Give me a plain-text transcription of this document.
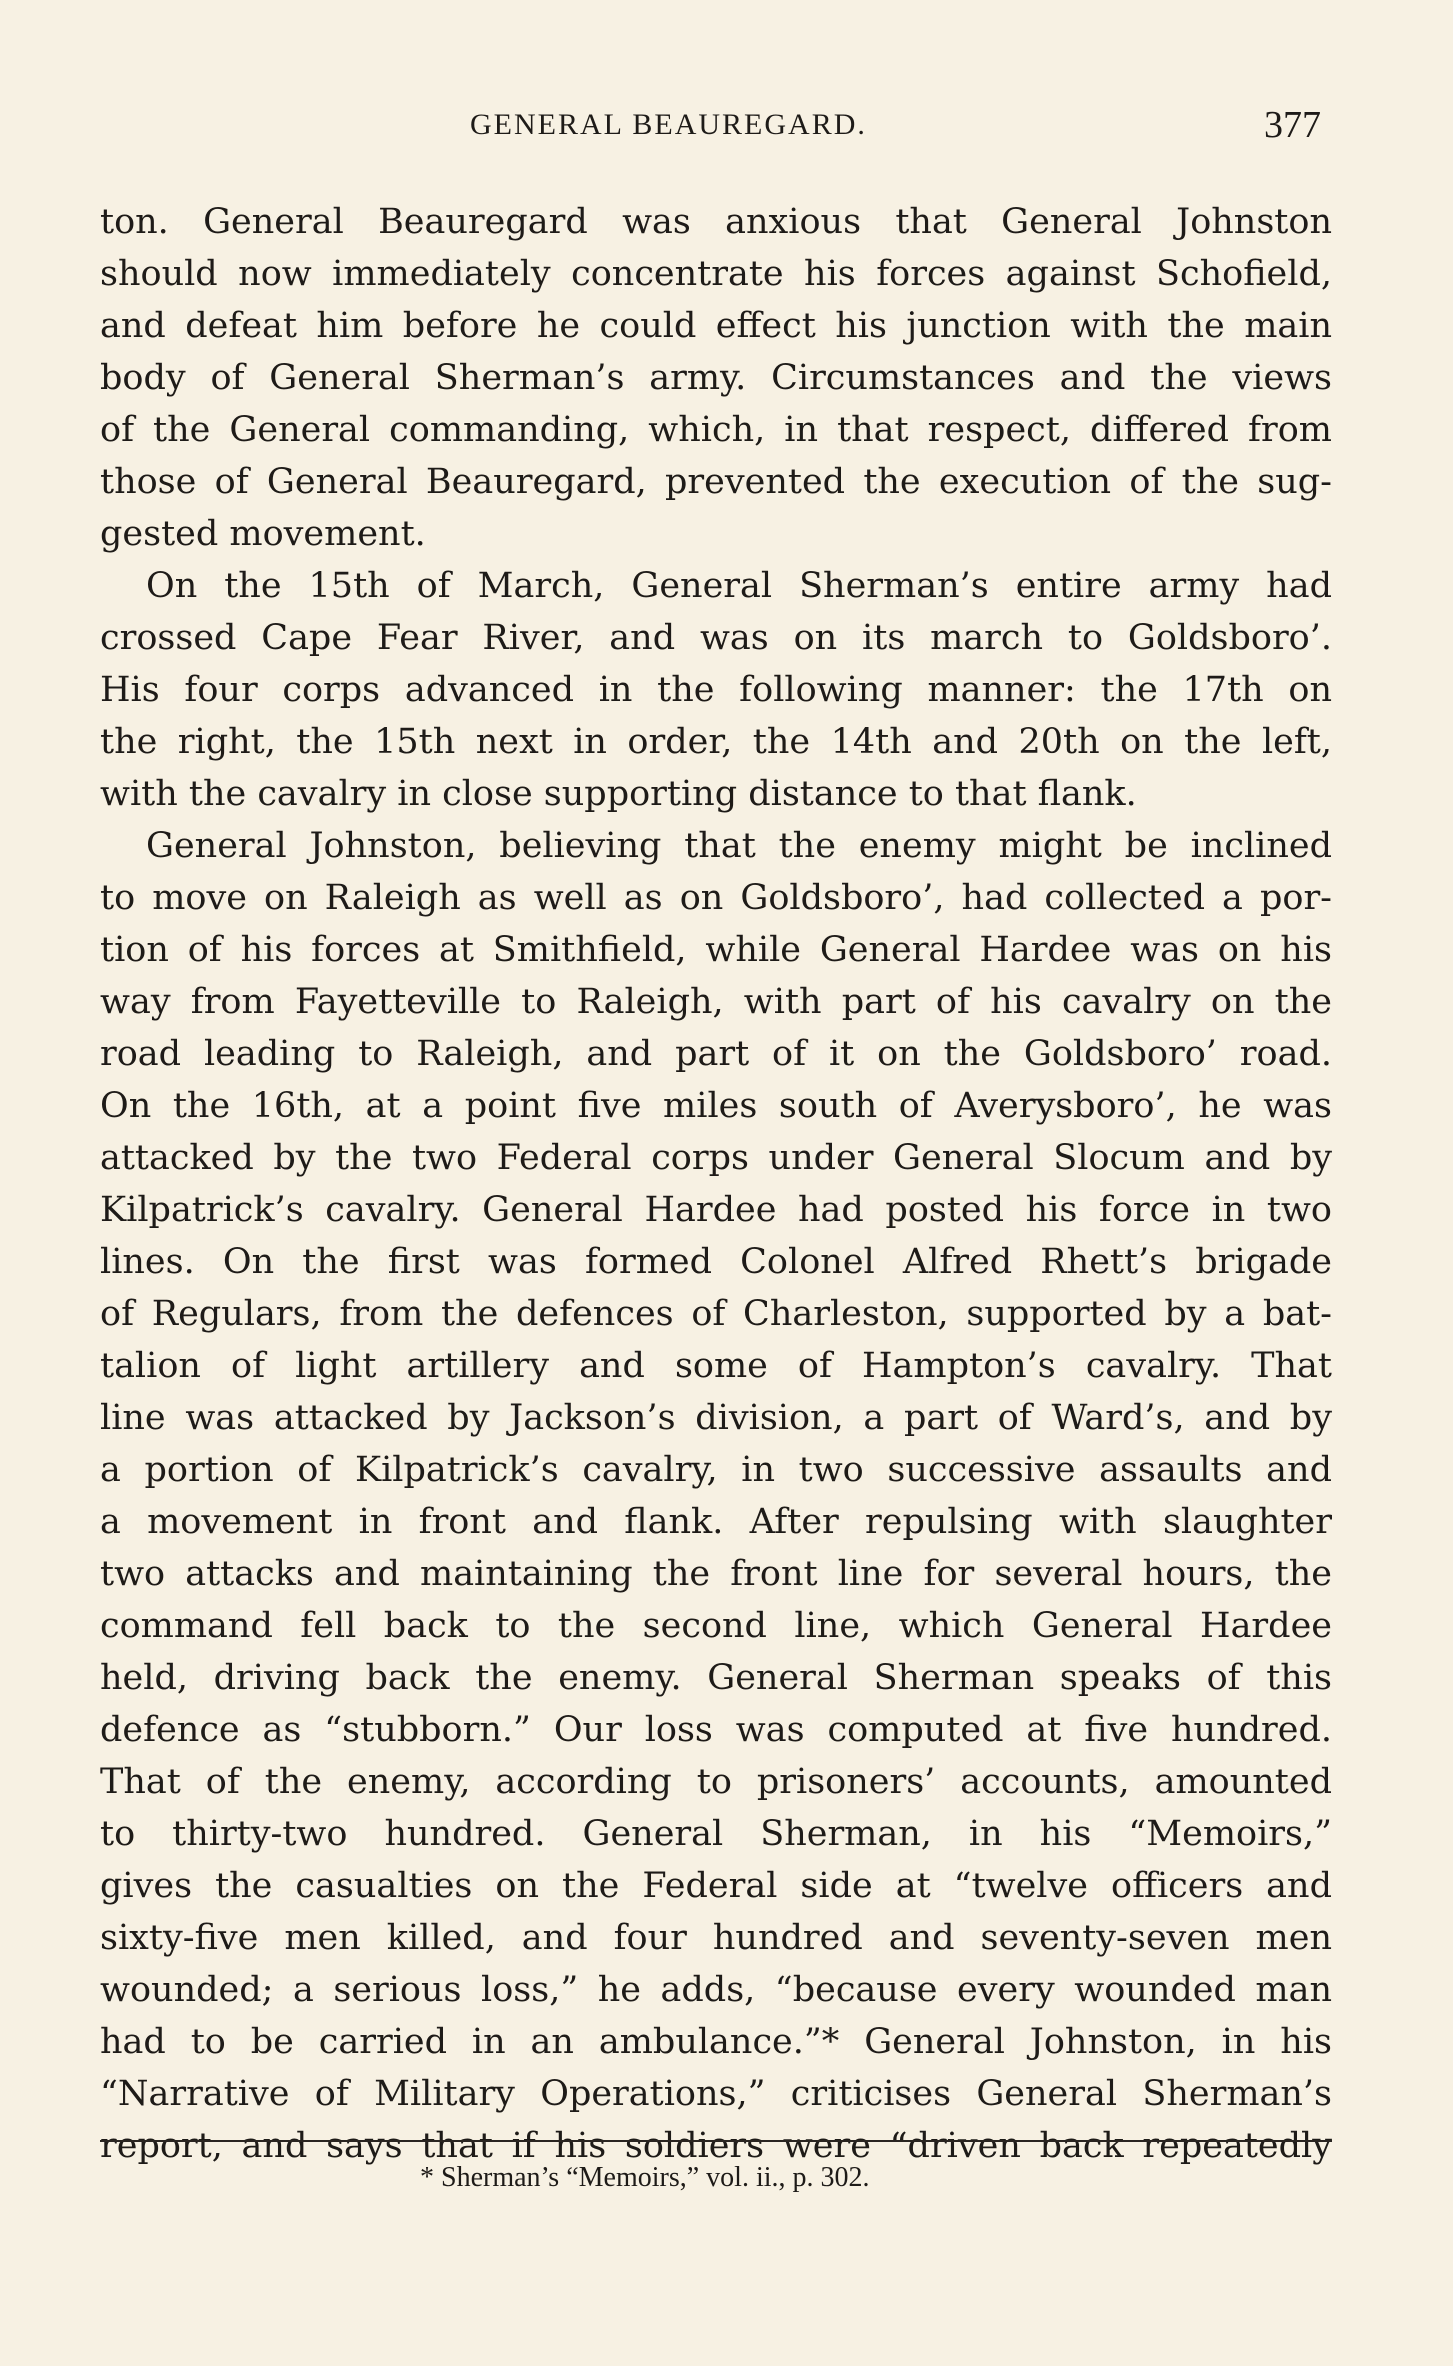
GENERAL BEAUREGARD.	377
ton. General Beauregard was anxious that General Johnston
should now immediately concentrate his forces against Schofield,
and defeat him before he could effect his junction with the main
body of General Sherman’s army. Circumstances and the views
of the General commanding, which, in that respect, differed from
those of General Beauregard, prevented the execution of the sug-
gested movement.
On the 15th of March, General Sherman’s entire army had
crossed Cape Fear River, and was on its march to Goldsboro’.
His four corps advanced in the following manner: the 17th on
the right, the 15th next in order, the 14th and 20th on the left,
with the cavalry in close supporting distance to that flank.
General Johnston, believing that the enemy might be inclined
to move on Raleigh as well as on Goldsboro’, had collected a por-
tion of his forces at Smithfield, while General Hardee was on his
way from Fayetteville to Raleigh, with part of his cavalry on the
road leading to Raleigh, and part of it on the Goldsboro’ road.
On the 16th, at a point five miles south of Averysboro’, he was
attacked by the two Federal corps under General Slocum and by
Kilpatrick’s cavalry. General Hardee had posted his force in two
lines. On the first was formed Colonel Alfred Rhett’s brigade
of Regulars, from the defences of Charleston, supported by a bat-
talion of light artillery and some of Hampton’s cavalry. That
line was attacked by Jackson’s division, a part of Ward’s, and by
a portion of Kilpatrick’s cavalry, in two successive assaults and
a movement in front and flank. After repulsing with slaughter
two attacks and maintaining the front line for several hours, the
command fell back to the second line, which General Hardee
held, driving back the enemy. General Sherman speaks of this
defence as “stubborn.” Our loss was computed at five hundred.
That of the enemy, according to prisoners’ accounts, amounted
to thirty-two hundred. General Sherman, in his “Memoirs,”
gives the casualties on the Federal side at “twelve officers and
sixty-five men killed, and four hundred and seventy-seven men
wounded; a serious loss,” he adds, “because every wounded man
had to be carried in an ambulance.”* General Johnston, in his
“Narrative of Military Operations,” criticises General Sherman’s
report, and says that if his soldiers were “driven back repeatedly
* Sherman’s “Memoirs,” vol. ii., p. 302.
